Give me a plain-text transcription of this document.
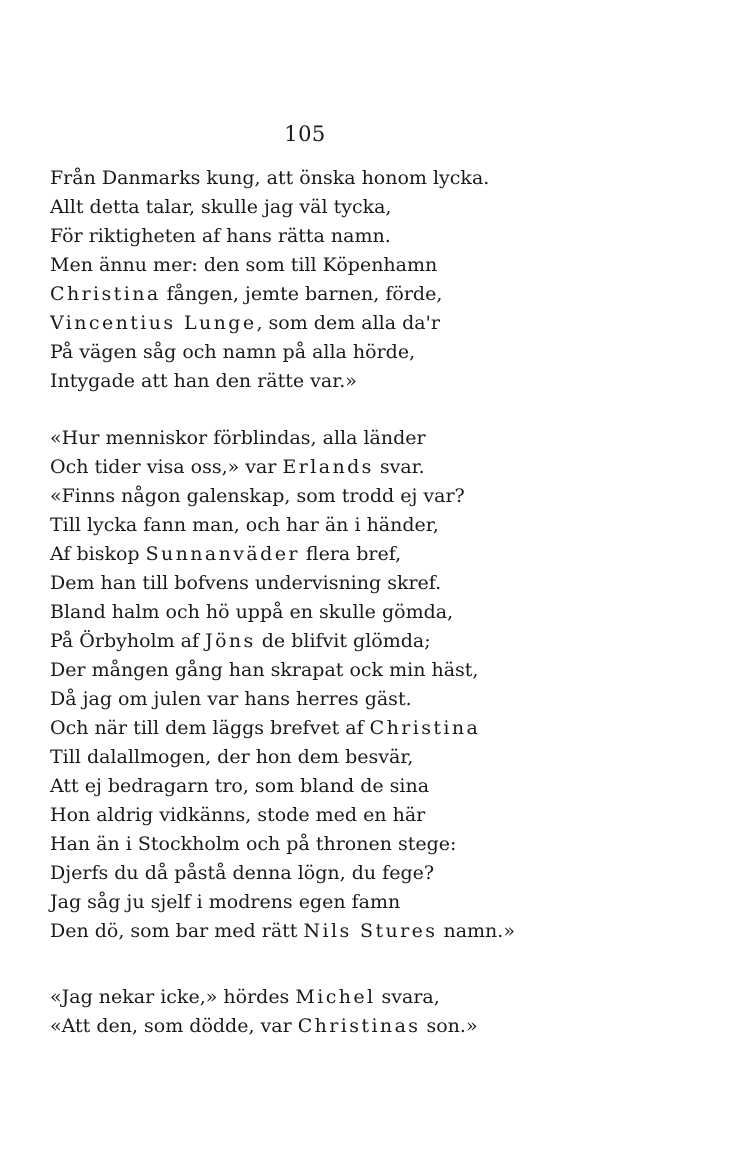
105
Från Danmarks kung, att önska honom lycka.
Allt detta talar, skulle jag väl tycka,
För riktigheten af hans rätta namn.
Men ännu mer: den som till Köpenhamn
Christina fången, jemte barnen, förde,
Vincentius Lunge, som dem alla da'r
På vägen såg och namn på alla hörde,
Intygade att han den rätte var.»
«Hur menniskor förblindas, alla länder
Och tider visa oss,» var Erlands svar.
«Finns någon galenskap, som trodd ej var?
Till lycka fann man, och har än i händer,
Af biskop Sunnanväder flera bref,
Dem han till bofvens undervisning skref.
Bland halm och hö uppå en skulle gömda,
På Örbyholm af Jöns de blifvit glömda;
Der mången gång han skrapat ock min häst,
Då jag om julen var hans herres gäst.
Och när till dem läggs brefvet af Christina
Till dalallmogen, der hon dem besvär,
Att ej bedragarn tro, som bland de sina
Hon aldrig vidkänns, stode med en här
Han än i Stockholm och på thronen stege:
Djerfs du då påstå denna lögn, du fege?
Jag såg ju sjelf i modrens egen famn
Den dö, som bar med rätt Nils Stures namn.»
«Jag nekar icke,» hördes Michel svara,
«Att den, som dödde, var Christinas son.»
